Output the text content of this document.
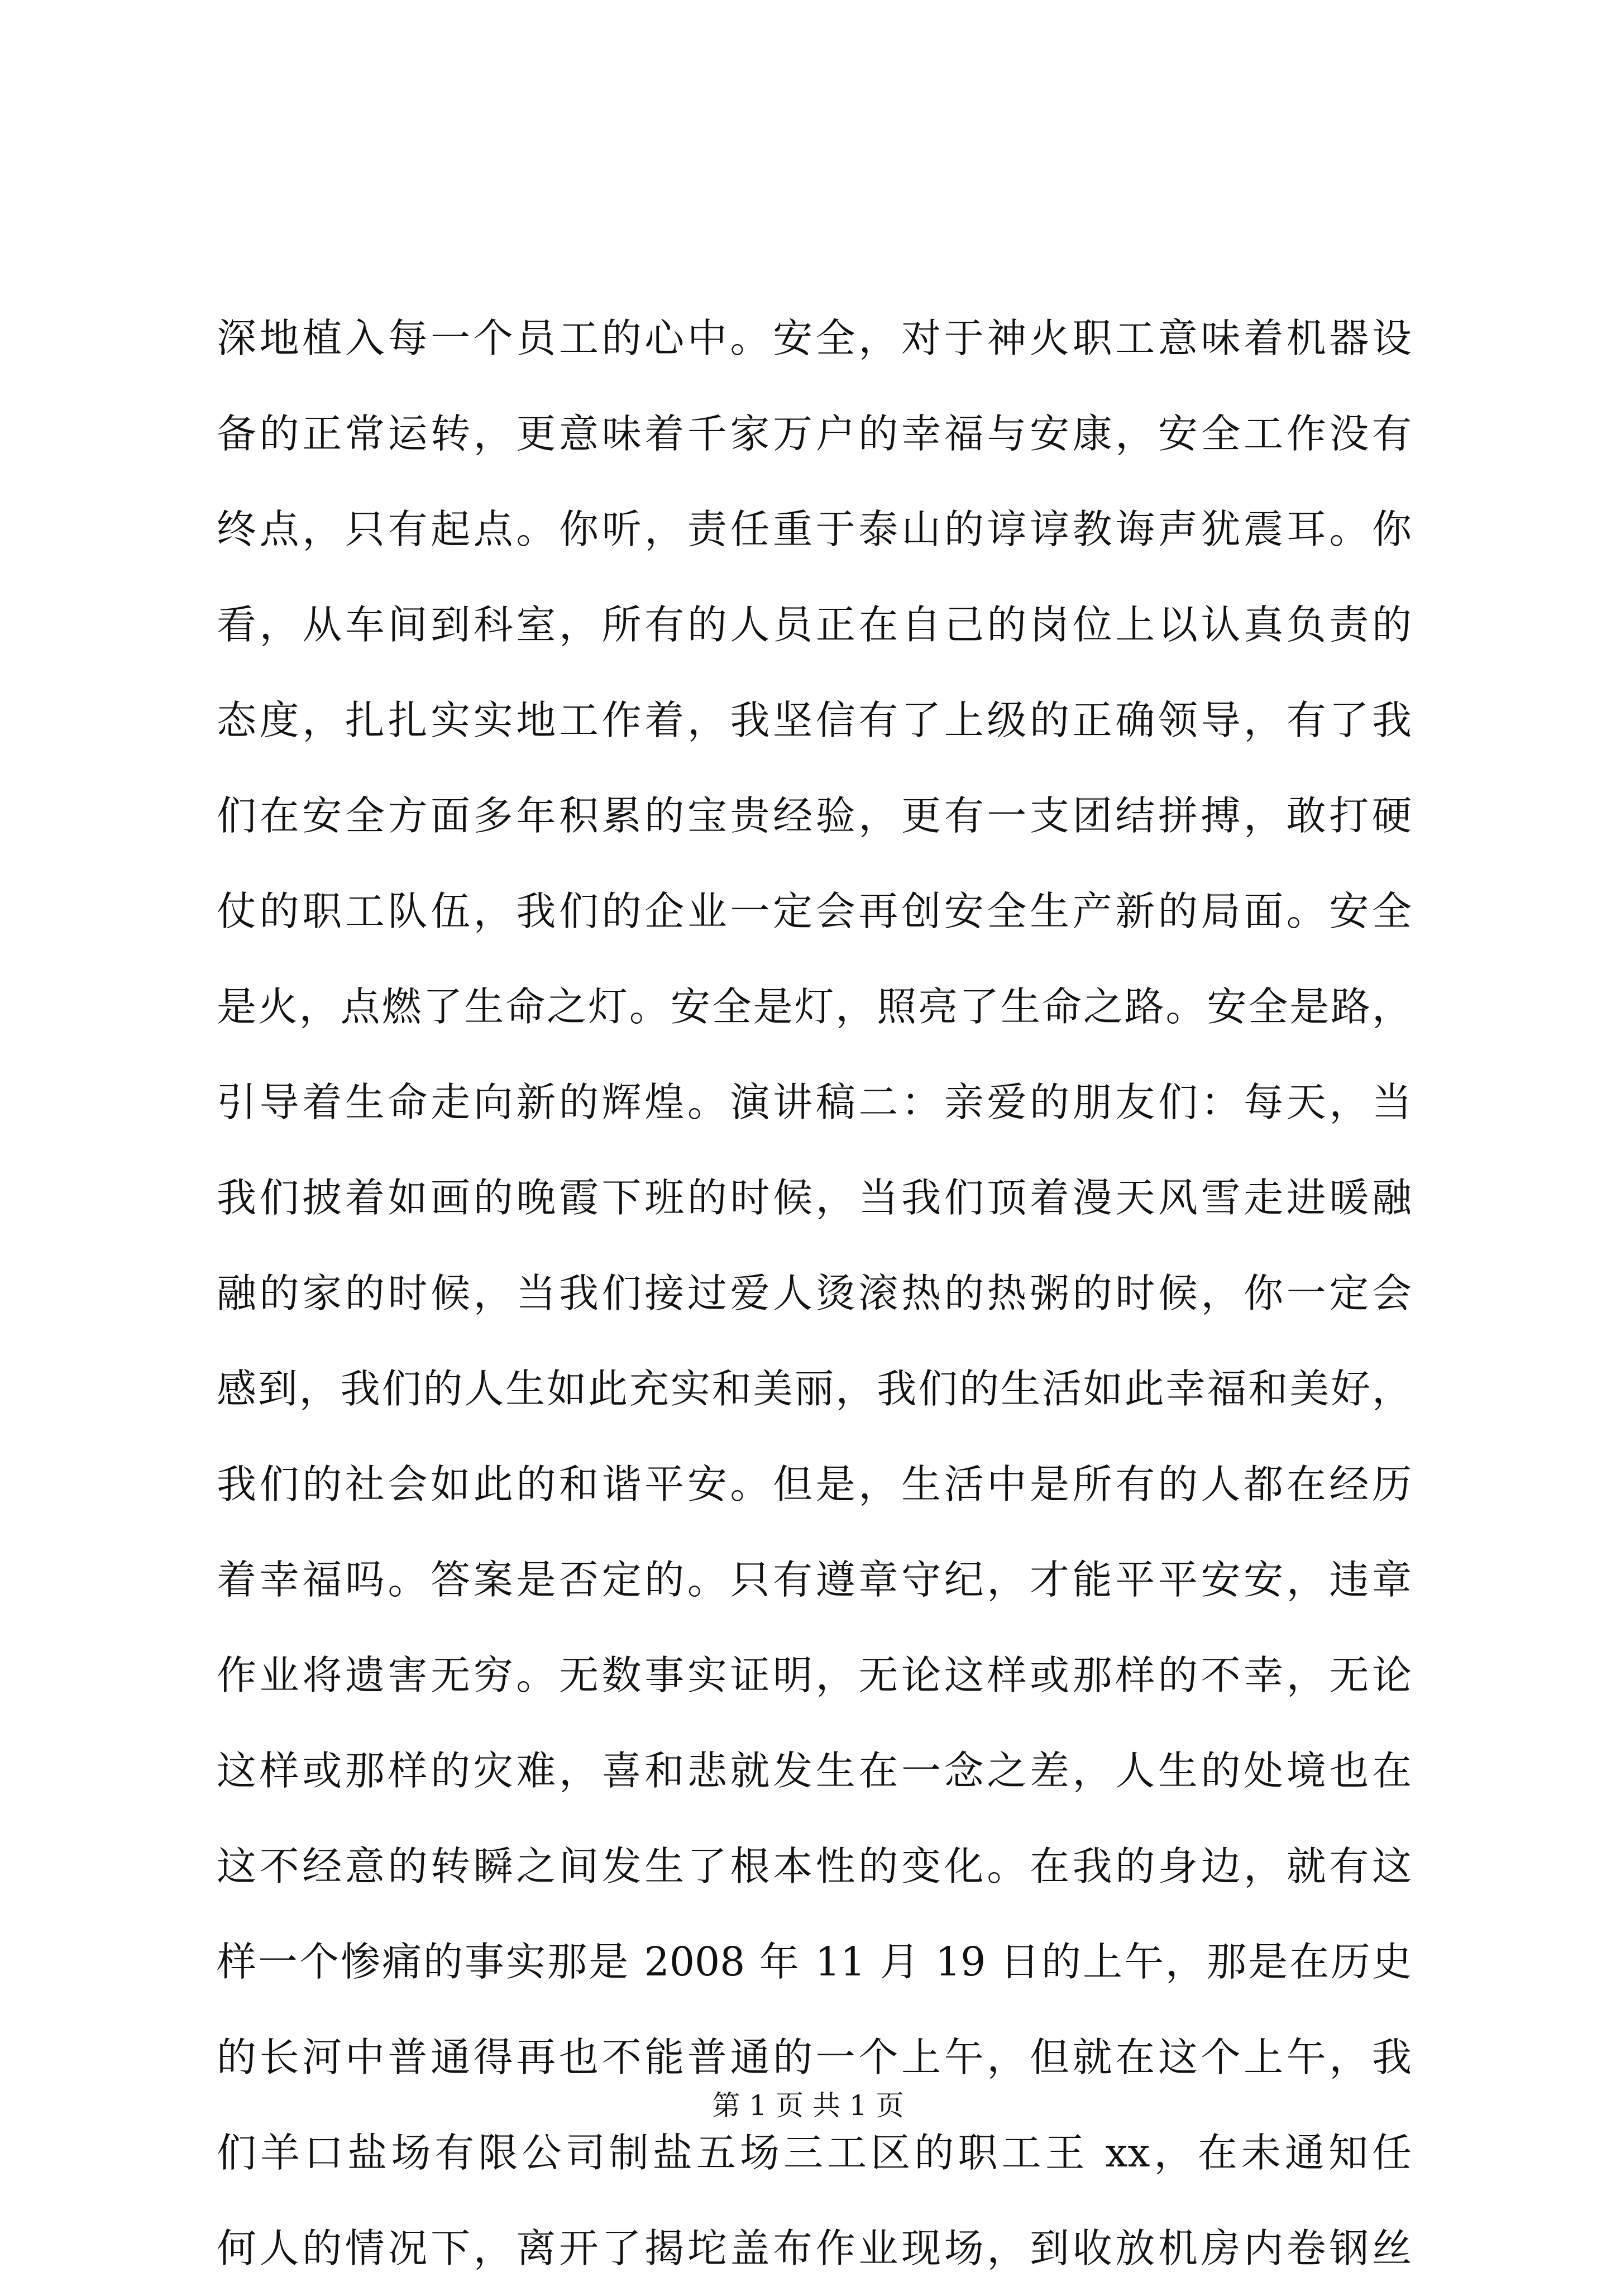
深地植入每一个员工的心中。安全，对于神火职工意味着机器设
备的正常运转，更意味着千家万户的幸福与安康，安全工作没有
终点，只有起点。你听，责任重于泰山的谆谆教诲声犹震耳。你
看，从车间到科室，所有的人员正在自己的岗位上以认真负责的
态度，扎扎实实地工作着，我坚信有了上级的正确领导，有了我
们在安全方面多年积累的宝贵经验，更有一支团结拼搏，敢打硬
仗的职工队伍，我们的企业一定会再创安全生产新的局面。安全
是火，点燃了生命之灯。安全是灯，照亮了生命之路。安全是路，
引导着生命走向新的辉煌。演讲稿二：亲爱的朋友们：每天，当
我们披着如画的晚霞下班的时候，当我们顶着漫天风雪走进暖融
融的家的时候，当我们接过爱人烫滚热的热粥的时候，你一定会
感到，我们的人生如此充实和美丽，我们的生活如此幸福和美好，
我们的社会如此的和谐平安。但是，生活中是所有的人都在经历
着幸福吗。答案是否定的。只有遵章守纪，才能平平安安，违章
作业将遗害无穷。无数事实证明，无论这样或那样的不幸，无论
这样或那样的灾难，喜和悲就发生在一念之差，人生的处境也在
这不经意的转瞬之间发生了根本性的变化。在我的身边，就有这
样一个惨痛的事实那是 2008 年 11 月 19 日的上午，那是在历史
的长河中普通得再也不能普通的一个上午，但就在这个上午，我
们羊口盐场有限公司制盐五场三工区的职工王 xx，在未通知任
何人的情况下，离开了揭坨盖布作业现场，到收放机房内卷钢丝
第 1 页 共 1 页
